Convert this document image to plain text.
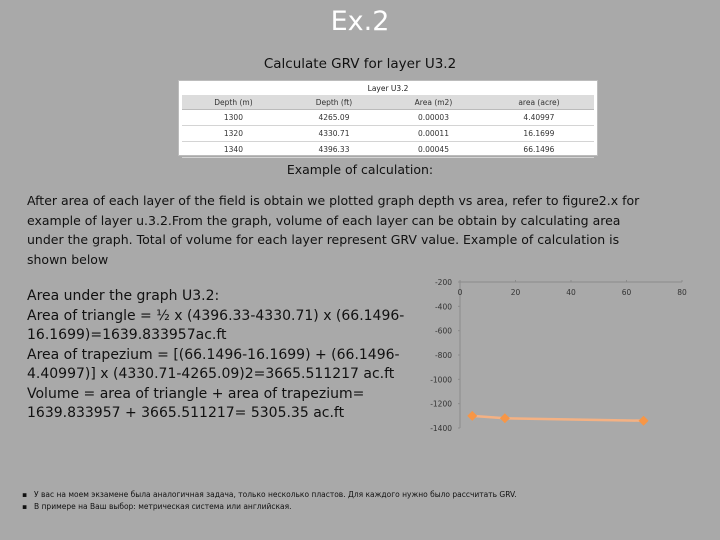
Ex.2
Calculate GRV for layer U3.2
Layer U3.2
Depth (m)	Depth (ft)	Area (m2)	area (acre)
1300	4265.09	0.00003	4.40997
1320	4330.71	0.00011	16.1699
1340	4396.33	0.00045	66.1496
Example of calculation:
After area of each layer of the field is obtain we plotted graph depth vs area, refer to figure2.x for
example of layer u.3.2.From the graph, volume of each layer can be obtain by calculating area
under the graph. Total of volume for each layer represent GRV value. Example of calculation is
shown below
Area under the graph U3.2:
Area of triangle = ½ x (4396.33-4330.71) x (66.1496-
16.1699)=1639.833957ac.ft
Area of trapezium = [(66.1496-16.1699) + (66.1496-
4.40997)] x (4330.71-4265.09)2=3665.511217 ac.ft
Volume = area of triangle + area of trapezium=
1639.833957 + 3665.511217= 5305.35 ac.ft
0	20	40	60	80
-200
-400
-600
-800
-1000
-1200
-1400
▪ У вас на моем экзамене была аналогичная задача, только несколько пластов. Для каждого нужно было рассчитать GRV.
▪ В примере на Ваш выбор: метрическая система или английская.
